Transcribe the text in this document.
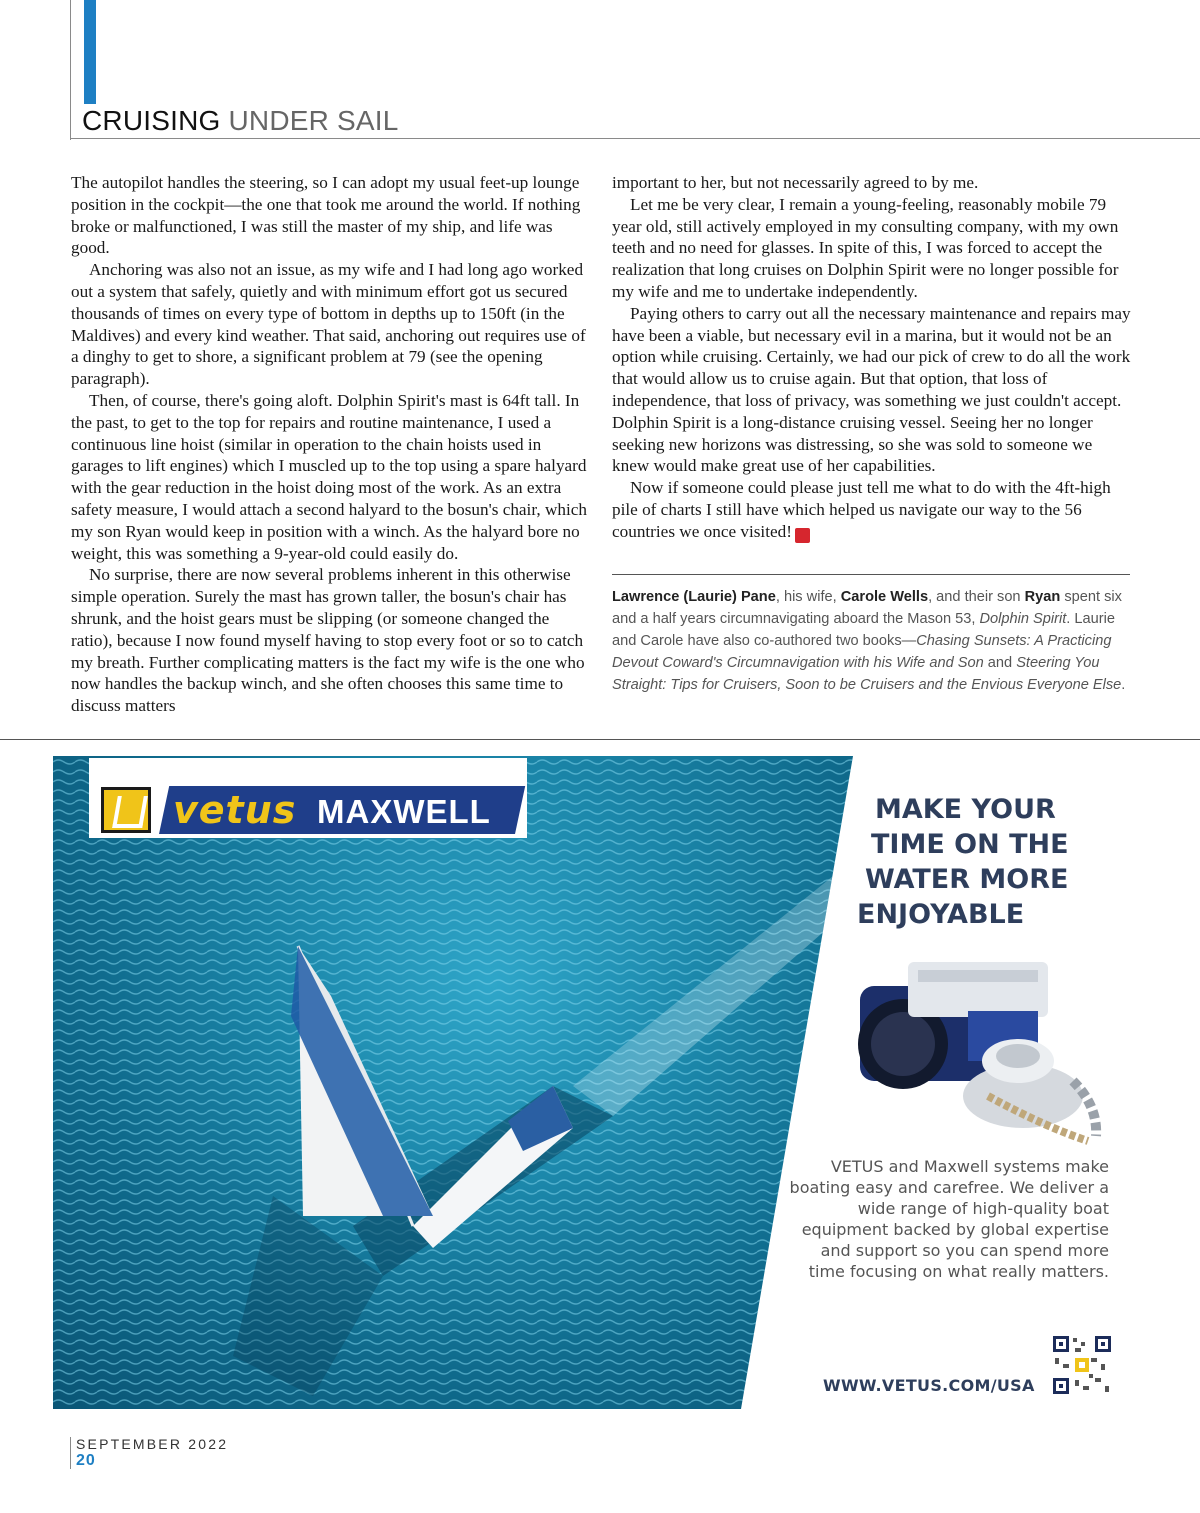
CRUISING UNDER SAIL

The autopilot handles the steering, so I can adopt my usual feet-up lounge position in the cockpit—the one that took me around the world. If nothing broke or malfunctioned, I was still the master of my ship, and life was good.

Anchoring was also not an issue, as my wife and I had long ago worked out a system that safely, quietly and with minimum effort got us secured thousands of times on every type of bottom in depths up to 150ft (in the Maldives) and every kind weather. That said, anchoring out requires use of a dinghy to get to shore, a significant problem at 79 (see the opening paragraph).

Then, of course, there's going aloft. Dolphin Spirit's mast is 64ft tall. In the past, to get to the top for repairs and routine maintenance, I used a continuous line hoist (similar in operation to the chain hoists used in garages to lift engines) which I muscled up to the top using a spare halyard with the gear reduction in the hoist doing most of the work. As an extra safety measure, I would attach a second halyard to the bosun's chair, which my son Ryan would keep in position with a winch. As the halyard bore no weight, this was something a 9-year-old could easily do.

No surprise, there are now several problems inherent in this otherwise simple operation. Surely the mast has grown taller, the bosun's chair has shrunk, and the hoist gears must be slipping (or someone changed the ratio), because I now found myself having to stop every foot or so to catch my breath. Further complicating matters is the fact my wife is the one who now handles the backup winch, and she often chooses this same time to discuss matters

important to her, but not necessarily agreed to by me.

Let me be very clear, I remain a young-feeling, reasonably mobile 79 year old, still actively employed in my consulting company, with my own teeth and no need for glasses. In spite of this, I was forced to accept the realization that long cruises on Dolphin Spirit were no longer possible for my wife and me to undertake independently.

Paying others to carry out all the necessary maintenance and repairs may have been a viable, but necessary evil in a marina, but it would not be an option while cruising. Certainly, we had our pick of crew to do all the work that would allow us to cruise again. But that option, that loss of independence, that loss of privacy, was something we just couldn't accept. Dolphin Spirit is a long-distance cruising vessel. Seeing her no longer seeking new horizons was distressing, so she was sold to someone we knew would make great use of her capabilities.

Now if someone could please just tell me what to do with the 4ft-high pile of charts I still have which helped us navigate our way to the 56 countries we once visited! S

Lawrence (Laurie) Pane, his wife, Carole Wells, and their son Ryan spent six and a half years circumnavigating aboard the Mason 53, Dolphin Spirit. Laurie and Carole have also co-authored two books—Chasing Sunsets: A Practicing Devout Coward's Circumnavigation with his Wife and Son and Steering You Straight: Tips for Cruisers, Soon to be Cruisers and the Envious Everyone Else.
vetus MAXWELL	MAKE YOUR
TIME ON THE
WATER MORE
ENJOYABLE
VETUS and Maxwell systems make boating easy and carefree. We deliver a wide range of high-quality boat equipment backed by global expertise and support so you can spend more time focusing on what really matters.
WWW.VETUS.COM/USA
SEPTEMBER 2022
20
